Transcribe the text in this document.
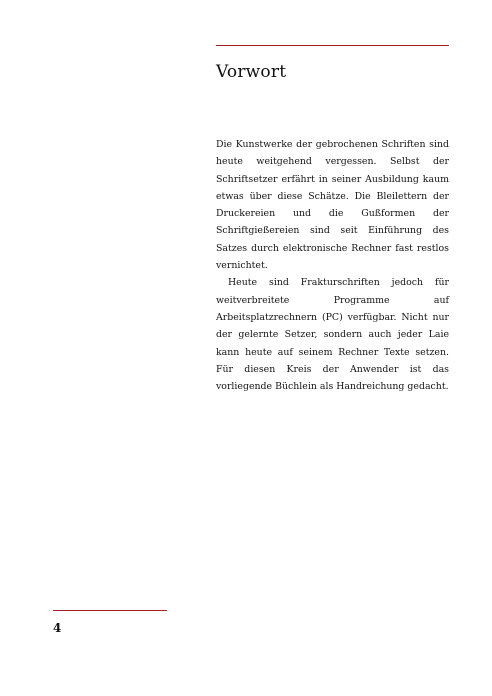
Vorwort

Die Kunstwerke der gebrochenen Schriften sind heute weitgehend vergessen. Selbst der Schriftsetzer erfährt in seiner Ausbildung kaum etwas über diese Schätze. Die Bleilettern der Druckereien und die Gußformen der Schriftgießereien sind seit Einführung des Satzes durch elektronische Rechner fast restlos vernichtet.

Heute sind Frakturschriften jedoch für weitverbreitete Programme auf Arbeitsplatzrechnern (PC) verfügbar. Nicht nur der gelernte Setzer, sondern auch jeder Laie kann heute auf seinem Rechner Texte setzen. Für diesen Kreis der Anwender ist das vorliegende Büchlein als Handreichung gedacht.

4
